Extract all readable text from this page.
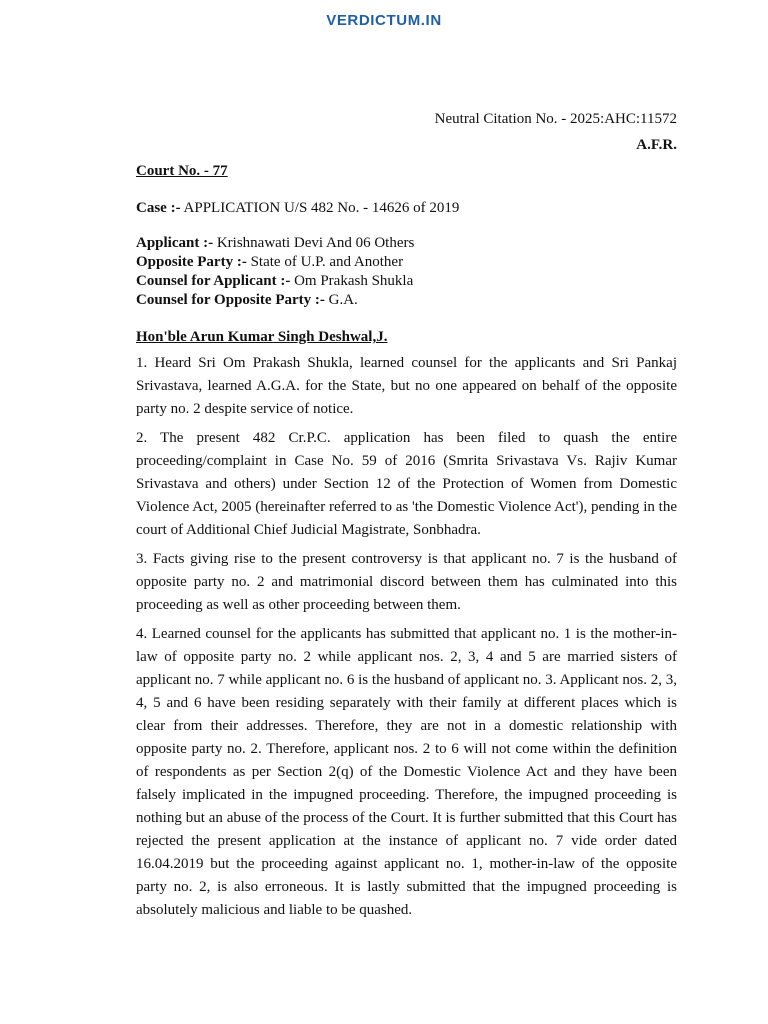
VERDICTUM.IN
Neutral Citation No. - 2025:AHC:11572
A.F.R.
Court No. - 77
Case :- APPLICATION U/S 482 No. - 14626 of 2019
Applicant :- Krishnawati Devi And 06 Others
Opposite Party :- State of U.P. and Another
Counsel for Applicant :- Om Prakash Shukla
Counsel for Opposite Party :- G.A.
Hon'ble Arun Kumar Singh Deshwal,J.

1. Heard Sri Om Prakash Shukla, learned counsel for the applicants and Sri Pankaj Srivastava, learned A.G.A. for the State, but no one appeared on behalf of the opposite party no. 2 despite service of notice.

2. The present 482 Cr.P.C. application has been filed to quash the entire proceeding/complaint in Case No. 59 of 2016 (Smrita Srivastava Vs. Rajiv Kumar Srivastava and others) under Section 12 of the Protection of Women from Domestic Violence Act, 2005 (hereinafter referred to as 'the Domestic Violence Act'), pending in the court of Additional Chief Judicial Magistrate, Sonbhadra.

3. Facts giving rise to the present controversy is that applicant no. 7 is the husband of opposite party no. 2 and matrimonial discord between them has culminated into this proceeding as well as other proceeding between them.

4. Learned counsel for the applicants has submitted that applicant no. 1 is the mother-in-law of opposite party no. 2 while applicant nos. 2, 3, 4 and 5 are married sisters of applicant no. 7 while applicant no. 6 is the husband of applicant no. 3. Applicant nos. 2, 3, 4, 5 and 6 have been residing separately with their family at different places which is clear from their addresses. Therefore, they are not in a domestic relationship with opposite party no. 2. Therefore, applicant nos. 2 to 6 will not come within the definition of respondents as per Section 2(q) of the Domestic Violence Act and they have been falsely implicated in the impugned proceeding. Therefore, the impugned proceeding is nothing but an abuse of the process of the Court. It is further submitted that this Court has rejected the present application at the instance of applicant no. 7 vide order dated 16.04.2019 but the proceeding against applicant no. 1, mother-in-law of the opposite party no. 2, is also erroneous. It is lastly submitted that the impugned proceeding is absolutely malicious and liable to be quashed.
